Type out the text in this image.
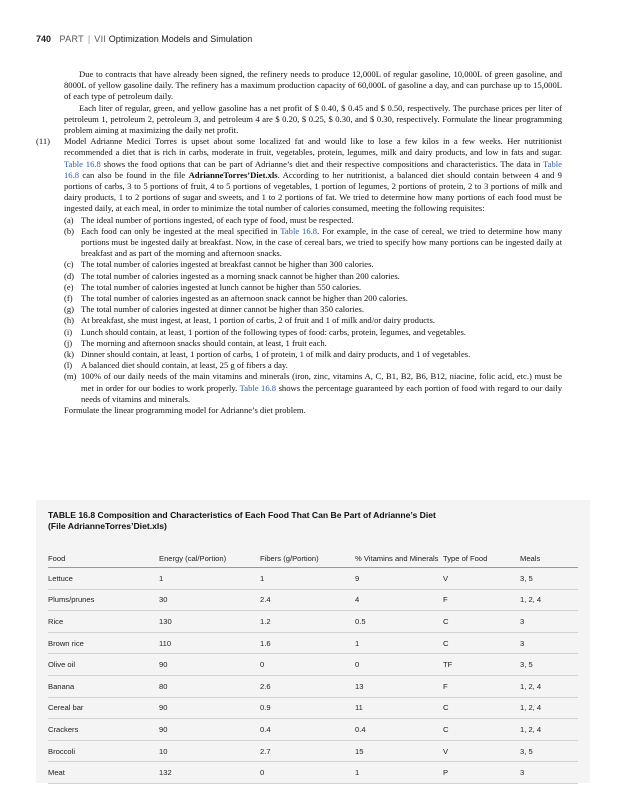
740 PART | VII Optimization Models and Simulation

Due to contracts that have already been signed, the refinery needs to produce 12,000L of regular gasoline, 10,000L of green gasoline, and 8000L of yellow gasoline daily. The refinery has a maximum production capacity of 60,000L of gasoline a day, and can purchase up to 15,000L of each type of petroleum daily.

Each liter of regular, green, and yellow gasoline has a net profit of $ 0.40, $ 0.45 and $ 0.50, respectively. The purchase prices per liter of petroleum 1, petroleum 2, petroleum 3, and petroleum 4 are $ 0.20, $ 0.25, $ 0.30, and $ 0.30, respectively. Formulate the linear programming problem aiming at maximizing the daily net profit.

(11) Model Adrianne Medici Torres is upset about some localized fat and would like to lose a few kilos in a few weeks. Her nutritionist recommended a diet that is rich in carbs, moderate in fruit, vegetables, protein, legumes, milk and dairy products, and low in fats and sugar. Table 16.8 shows the food options that can be part of Adrianne’s diet and their respective compositions and characteristics. The data in Table 16.8 can also be found in the file AdrianneTorres’Diet.xls. According to her nutritionist, a balanced diet should contain between 4 and 9 portions of carbs, 3 to 5 portions of fruit, 4 to 5 portions of vegetables, 1 portion of legumes, 2 portions of protein, 2 to 3 portions of milk and dairy products, 1 to 2 portions of sugar and sweets, and 1 to 2 portions of fat. We tried to determine how many portions of each food must be ingested daily, at each meal, in order to minimize the total number of calories consumed, meeting the following requisites:

(a) The ideal number of portions ingested, of each type of food, must be respected.

(b) Each food can only be ingested at the meal specified in Table 16.8. For example, in the case of cereal, we tried to determine how many portions must be ingested daily at breakfast. Now, in the case of cereal bars, we tried to specify how many portions can be ingested daily at breakfast and as part of the morning and afternoon snacks.

(c) The total number of calories ingested at breakfast cannot be higher than 300 calories.

(d) The total number of calories ingested as a morning snack cannot be higher than 200 calories.

(e) The total number of calories ingested at lunch cannot be higher than 550 calories.

(f) The total number of calories ingested as an afternoon snack cannot be higher than 200 calories.

(g) The total number of calories ingested at dinner cannot be higher than 350 calories.

(h) At breakfast, she must ingest, at least, 1 portion of carbs, 2 of fruit and 1 of milk and/or dairy products.

(i) Lunch should contain, at least, 1 portion of the following types of food: carbs, protein, legumes, and vegetables.

(j) The morning and afternoon snacks should contain, at least, 1 fruit each.

(k) Dinner should contain, at least, 1 portion of carbs, 1 of protein, 1 of milk and dairy products, and 1 of vegetables.

(l) A balanced diet should contain, at least, 25 g of fibers a day.

(m) 100% of our daily needs of the main vitamins and minerals (iron, zinc, vitamins A, C, B1, B2, B6, B12, niacine, folic acid, etc.) must be met in order for our bodies to work properly. Table 16.8 shows the percentage guaranteed by each portion of food with regard to our daily needs of vitamins and minerals.

Formulate the linear programming model for Adrianne’s diet problem.

TABLE 16.8 Composition and Characteristics of Each Food That Can Be Part of Adrianne’s Diet
(File AdrianneTorres’Diet.xls)
Food	Energy (cal/Portion)	Fibers (g/Portion)	% Vitamins and Minerals	Type of Food	Meals
Lettuce	1	1	9	V	3, 5
Plums/prunes	30	2.4	4	F	1, 2, 4
Rice	130	1.2	0.5	C	3
Brown rice	110	1.6	1	C	3
Olive oil	90	0	0	TF	3, 5
Banana	80	2.6	13	F	1, 2, 4
Cereal bar	90	0.9	11	C	1, 2, 4
Crackers	90	0.4	0.4	C	1, 2, 4
Broccoli	10	2.7	15	V	3, 5
Meat	132	0	1	P	3
